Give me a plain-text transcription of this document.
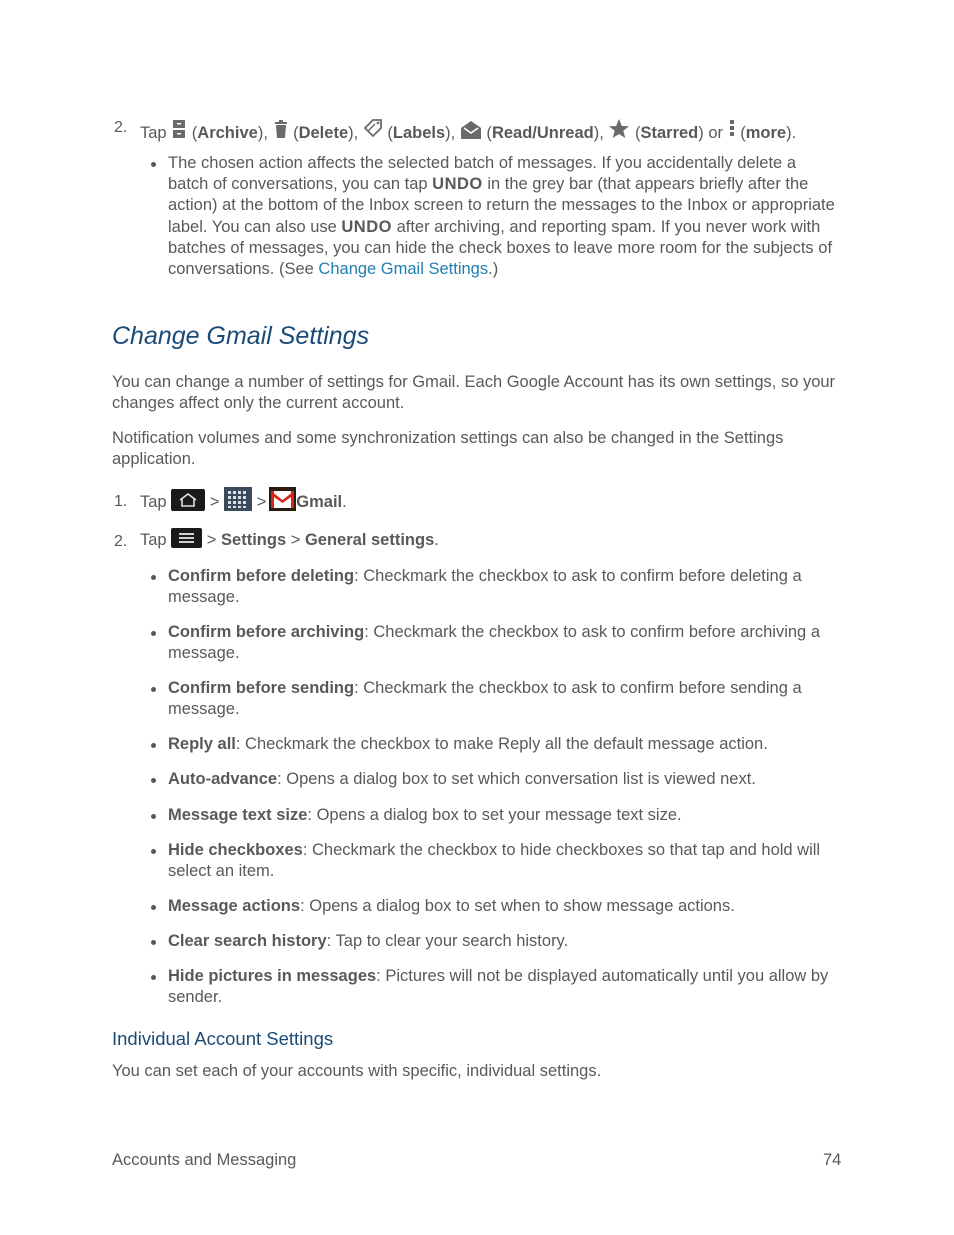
2. Tap  (Archive),  (Delete),  (Labels),  (Read/Unread),  (Starred) or  (more).
The chosen action affects the selected batch of messages. If you accidentally delete a batch of conversations, you can tap UNDO in the grey bar (that appears briefly after the action) at the bottom of the Inbox screen to return the messages to the Inbox or appropriate label. You can also use UNDO after archiving, and reporting spam. If you never work with batches of messages, you can hide the check boxes to leave more room for the subjects of conversations. (See Change Gmail Settings.)
Change Gmail Settings
You can change a number of settings for Gmail. Each Google Account has its own settings, so your changes affect only the current account.
Notification volumes and some synchronization settings can also be changed in the Settings application.
1. Tap	> > Gmail.
2. Tap > Settings > General settings.
Confirm before deleting: Checkmark the checkbox to ask to confirm before deleting a message.
Confirm before archiving: Checkmark the checkbox to ask to confirm before archiving a message.
Confirm before sending: Checkmark the checkbox to ask to confirm before sending a message.
Reply all: Checkmark the checkbox to make Reply all the default message action.
Auto-advance: Opens a dialog box to set which conversation list is viewed next.
Message text size: Opens a dialog box to set your message text size.
Hide checkboxes: Checkmark the checkbox to hide checkboxes so that tap and hold will select an item.
Message actions: Opens a dialog box to set when to show message actions.
Clear search history: Tap to clear your search history.
Hide pictures in messages: Pictures will not be displayed automatically until you allow by sender.
Individual Account Settings
You can set each of your accounts with specific, individual settings.
Accounts and Messaging	74
